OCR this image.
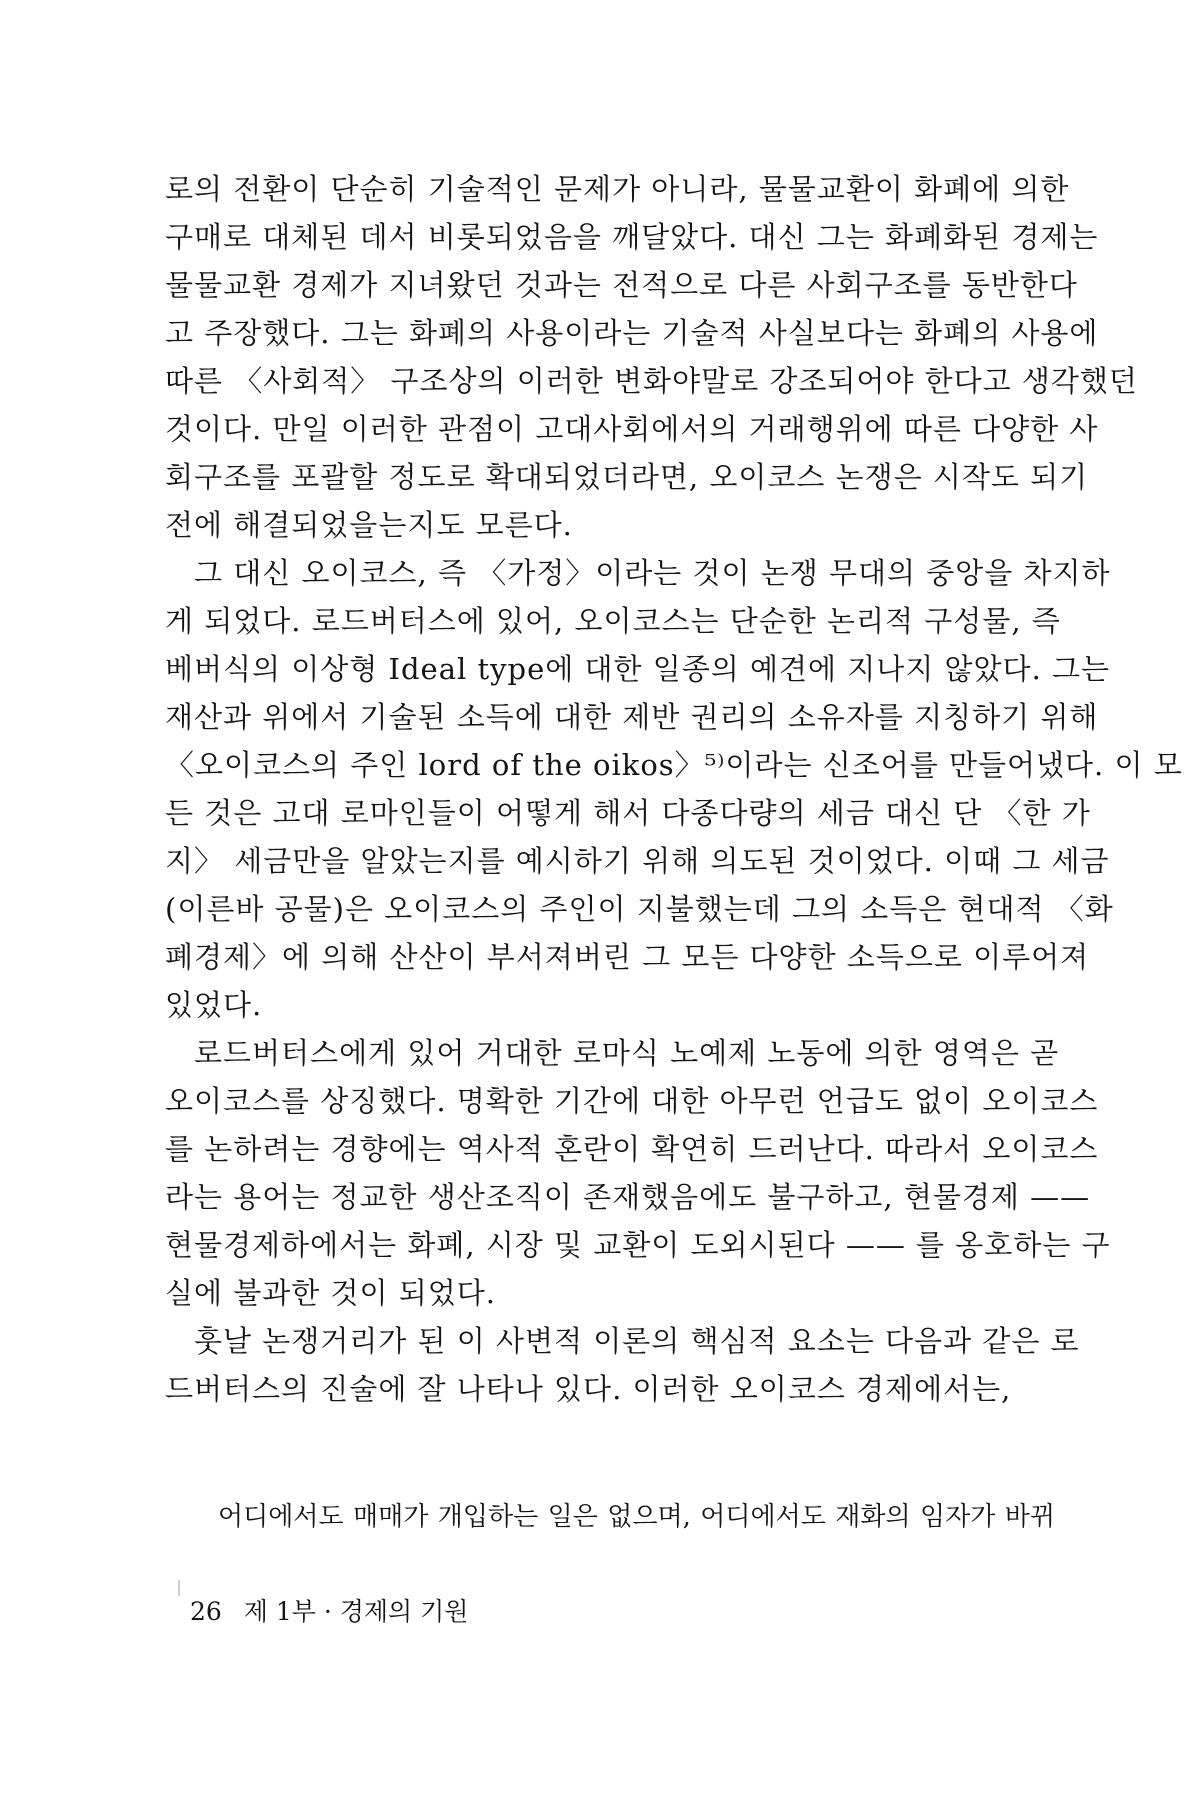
로의 전환이 단순히 기술적인 문제가 아니라, 물물교환이 화폐에 의한
구매로 대체된 데서 비롯되었음을 깨달았다. 대신 그는 화폐화된 경제는
물물교환 경제가 지녀왔던 것과는 전적으로 다른 사회구조를 동반한다
고 주장했다. 그는 화폐의 사용이라는 기술적 사실보다는 화폐의 사용에
따른 〈사회적〉 구조상의 이러한 변화야말로 강조되어야 한다고 생각했던
것이다. 만일 이러한 관점이 고대사회에서의 거래행위에 따른 다양한 사
회구조를 포괄할 정도로 확대되었더라면, 오이코스 논쟁은 시작도 되기
전에 해결되었을는지도 모른다.
그 대신 오이코스, 즉 〈가정〉이라는 것이 논쟁 무대의 중앙을 차지하
게 되었다. 로드버터스에 있어, 오이코스는 단순한 논리적 구성물, 즉
베버식의 이상형 Ideal type에 대한 일종의 예견에 지나지 않았다. 그는
재산과 위에서 기술된 소득에 대한 제반 권리의 소유자를 지칭하기 위해
〈오이코스의 주인 lord of the oikos〉⁵⁾이라는 신조어를 만들어냈다. 이 모
든 것은 고대 로마인들이 어떻게 해서 다종다량의 세금 대신 단 〈한 가
지〉 세금만을 알았는지를 예시하기 위해 의도된 것이었다. 이때 그 세금
(이른바 공물)은 오이코스의 주인이 지불했는데 그의 소득은 현대적 〈화
폐경제〉에 의해 산산이 부서져버린 그 모든 다양한 소득으로 이루어져
있었다.
로드버터스에게 있어 거대한 로마식 노예제 노동에 의한 영역은 곧
오이코스를 상징했다. 명확한 기간에 대한 아무런 언급도 없이 오이코스
를 논하려는 경향에는 역사적 혼란이 확연히 드러난다. 따라서 오이코스
라는 용어는 정교한 생산조직이 존재했음에도 불구하고, 현물경제 ——
현물경제하에서는 화폐, 시장 및 교환이 도외시된다 —— 를 옹호하는 구
실에 불과한 것이 되었다.
훗날 논쟁거리가 된 이 사변적 이론의 핵심적 요소는 다음과 같은 로
드버터스의 진술에 잘 나타나 있다. 이러한 오이코스 경제에서는,
어디에서도 매매가 개입하는 일은 없으며, 어디에서도 재화의 임자가 바뀌
26 제 1부 · 경제의 기원
